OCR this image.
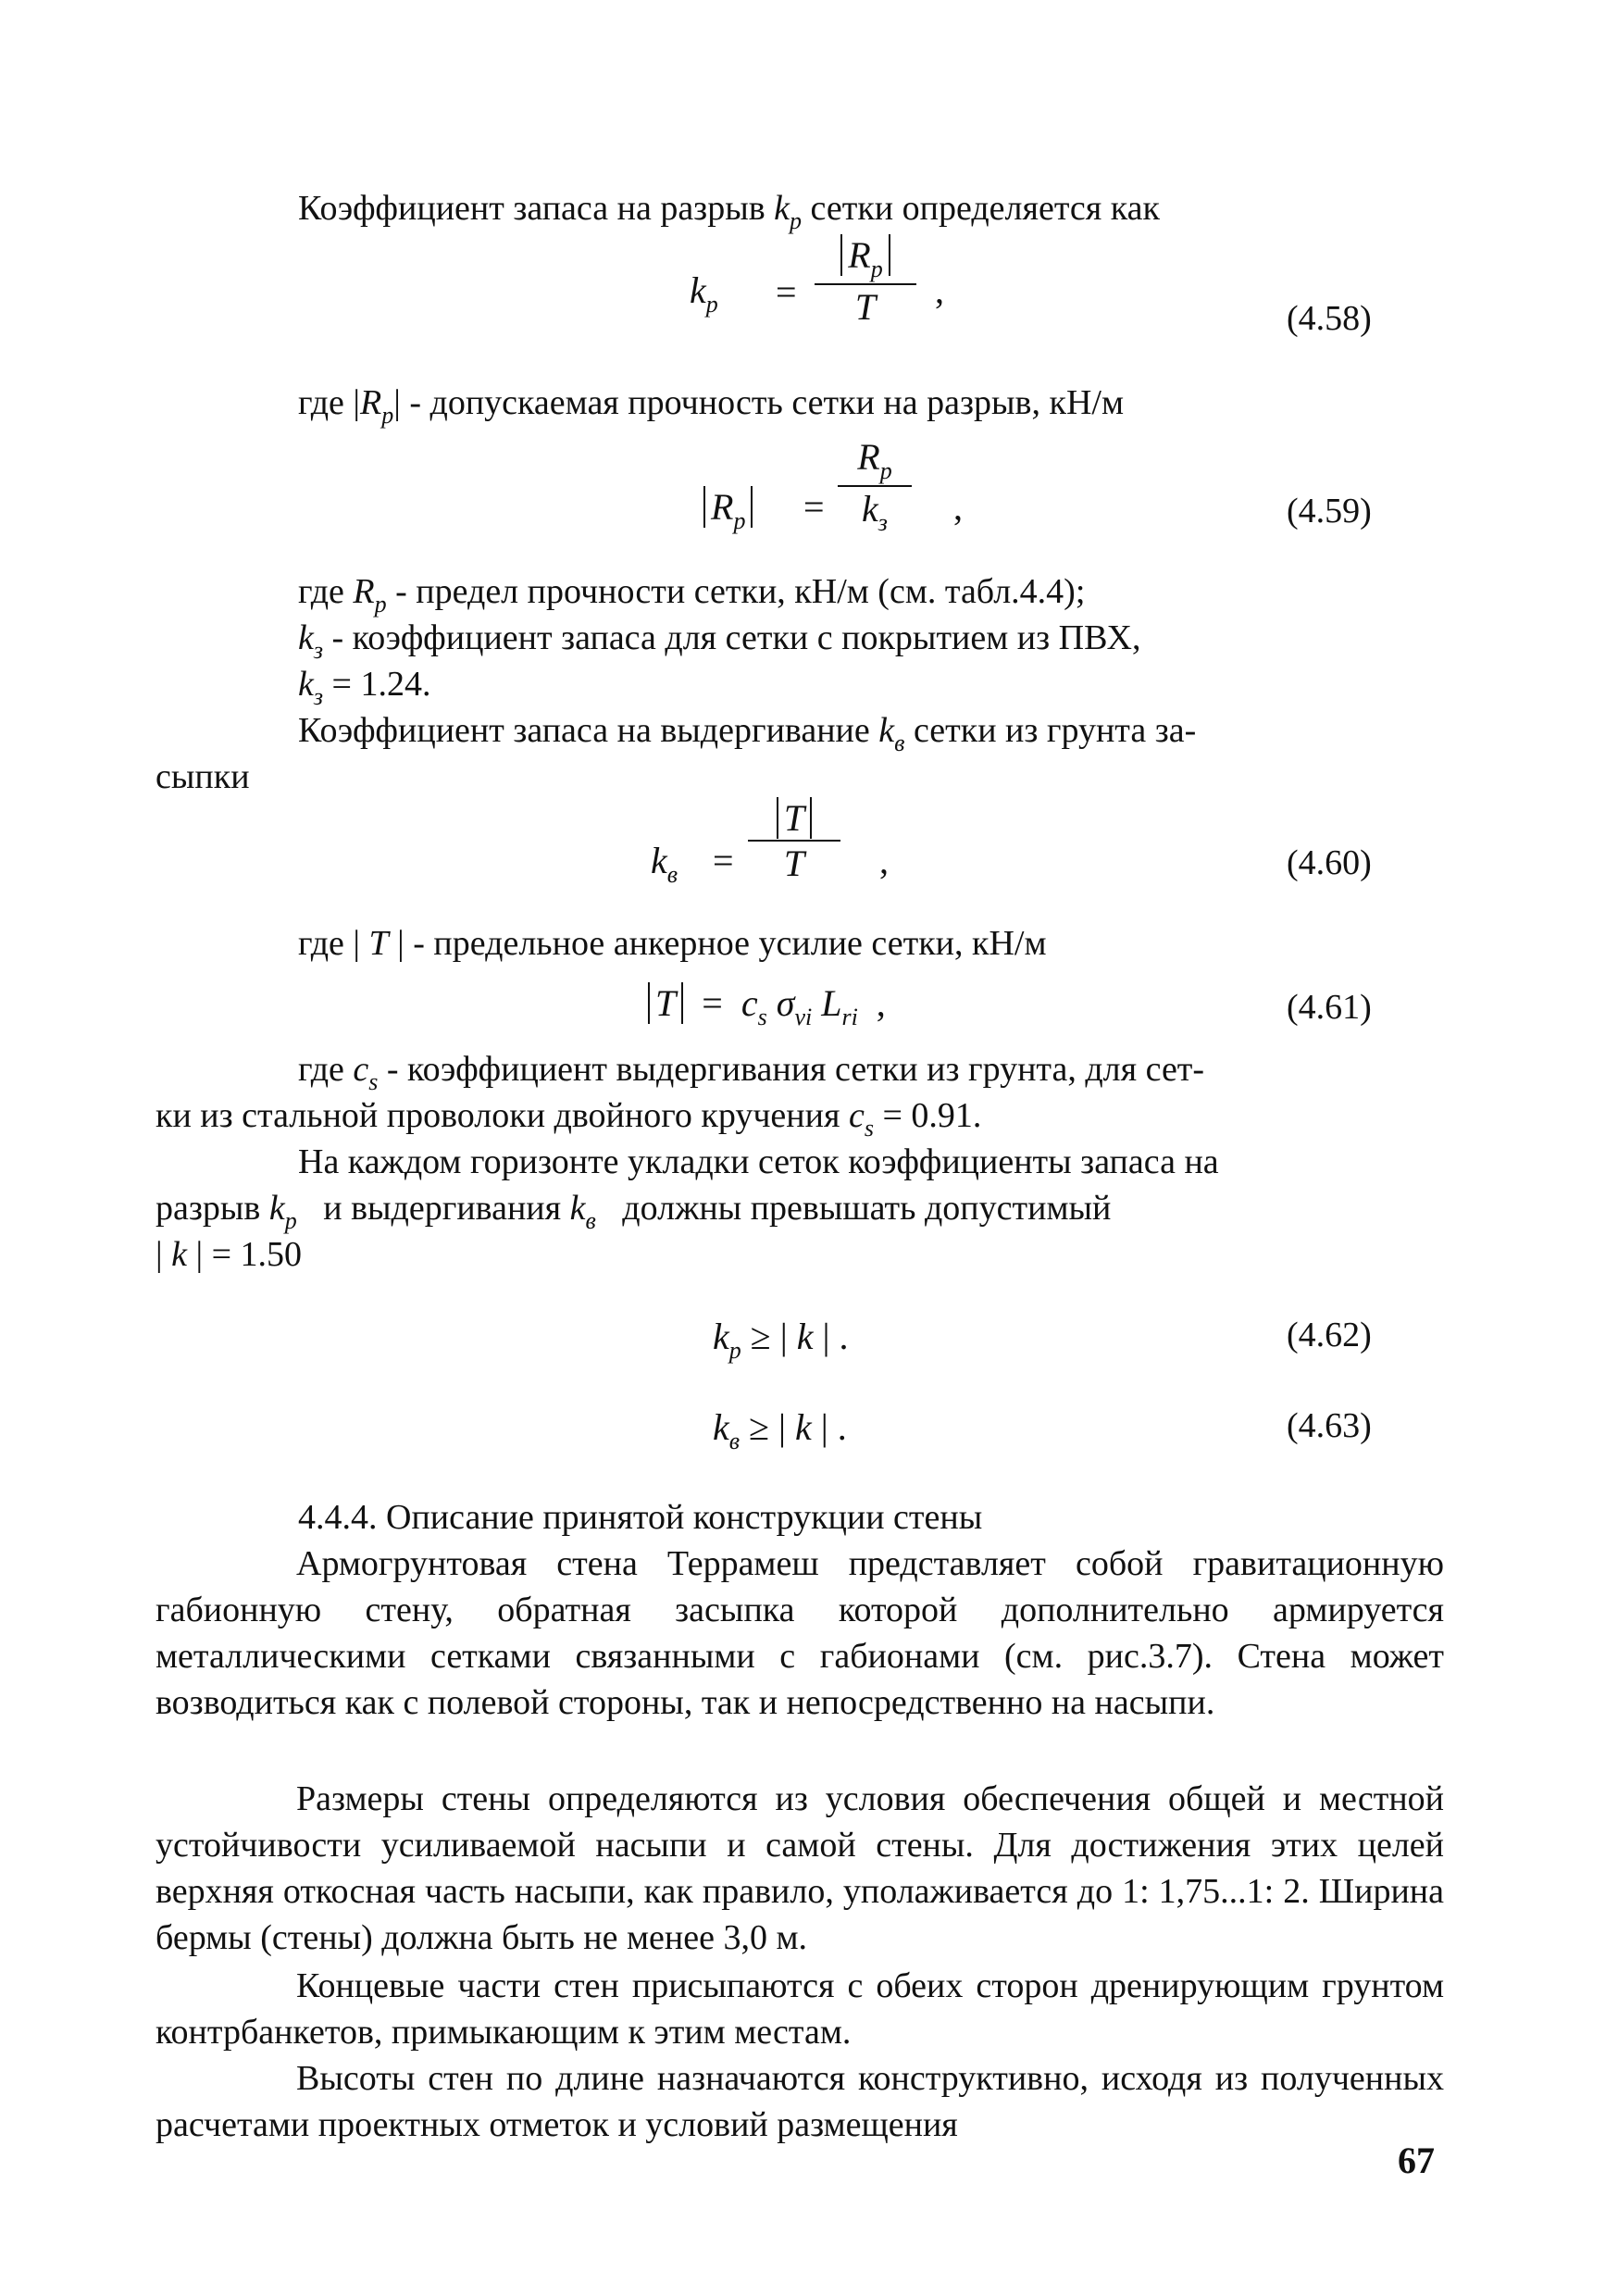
Коэффициент запаса на разрыв $k_p$ сетки определяется как
$k_p = \frac{R_p}{T}$ ,
(4.58)
где $|R_p|$ - допускаемая прочность сетки на разрыв, кН/м
$R_p$ =
$R_p$
$k_з$	,	(4.59)
где $R_p$ - предел прочности сетки, кН/м (см. табл.4.4);
$k_з$ - коэффициент запаса для сетки с покрытием из ПВХ,
$k_з = 1.24$.
Коэффициент запаса на выдергивание $k_в$ сетки из грунта за-
сыпки
$k_в = \frac{T}{T}$ ,	(4.60)
где | T | - предельное анкерное усилие сетки, кН/м
$T = c_s$ $\sigma_{vi}$ $L_{ri}$  ,	(4.61)
где $c_s$ - коэффициент выдергивания сетки из грунта, для сет-
ки из стальной проволоки двойного кручения $c_s = 0.91$.
На каждом горизонте укладки сеток коэффициенты запаса на
разрыв $k_p$ и выдергивания $k_в$ должны превышать допустимый
| k | = 1.50
$k_p$ ≥ | k | .	(4.62)
$k_в$ ≥ | k | .	(4.63)
4.4.4. Описание принятой конструкции стены
Армогрунтовая стена Террамеш представляет собой гравитационную габионную стену, обратная засыпка которой дополнительно армируется металлическими сетками связанными с габионами (см. рис.3.7). Стена может возводиться как с полевой стороны, так и непосредственно на насыпи.
Размеры стены определяются из условия обеспечения общей и местной устойчивости усиливаемой насыпи и самой стены. Для достижения этих целей верхняя откосная часть насыпи, как правило, уполаживается до 1: 1,75...1: 2. Ширина бермы (стены) должна быть не менее 3,0 м.
Концевые части стен присыпаются с обеих сторон дренирующим грунтом контрбанкетов, примыкающим к этим местам.
Высоты стен по длине назначаются конструктивно, исходя из полученных расчетами проектных отметок и условий размещения
67
